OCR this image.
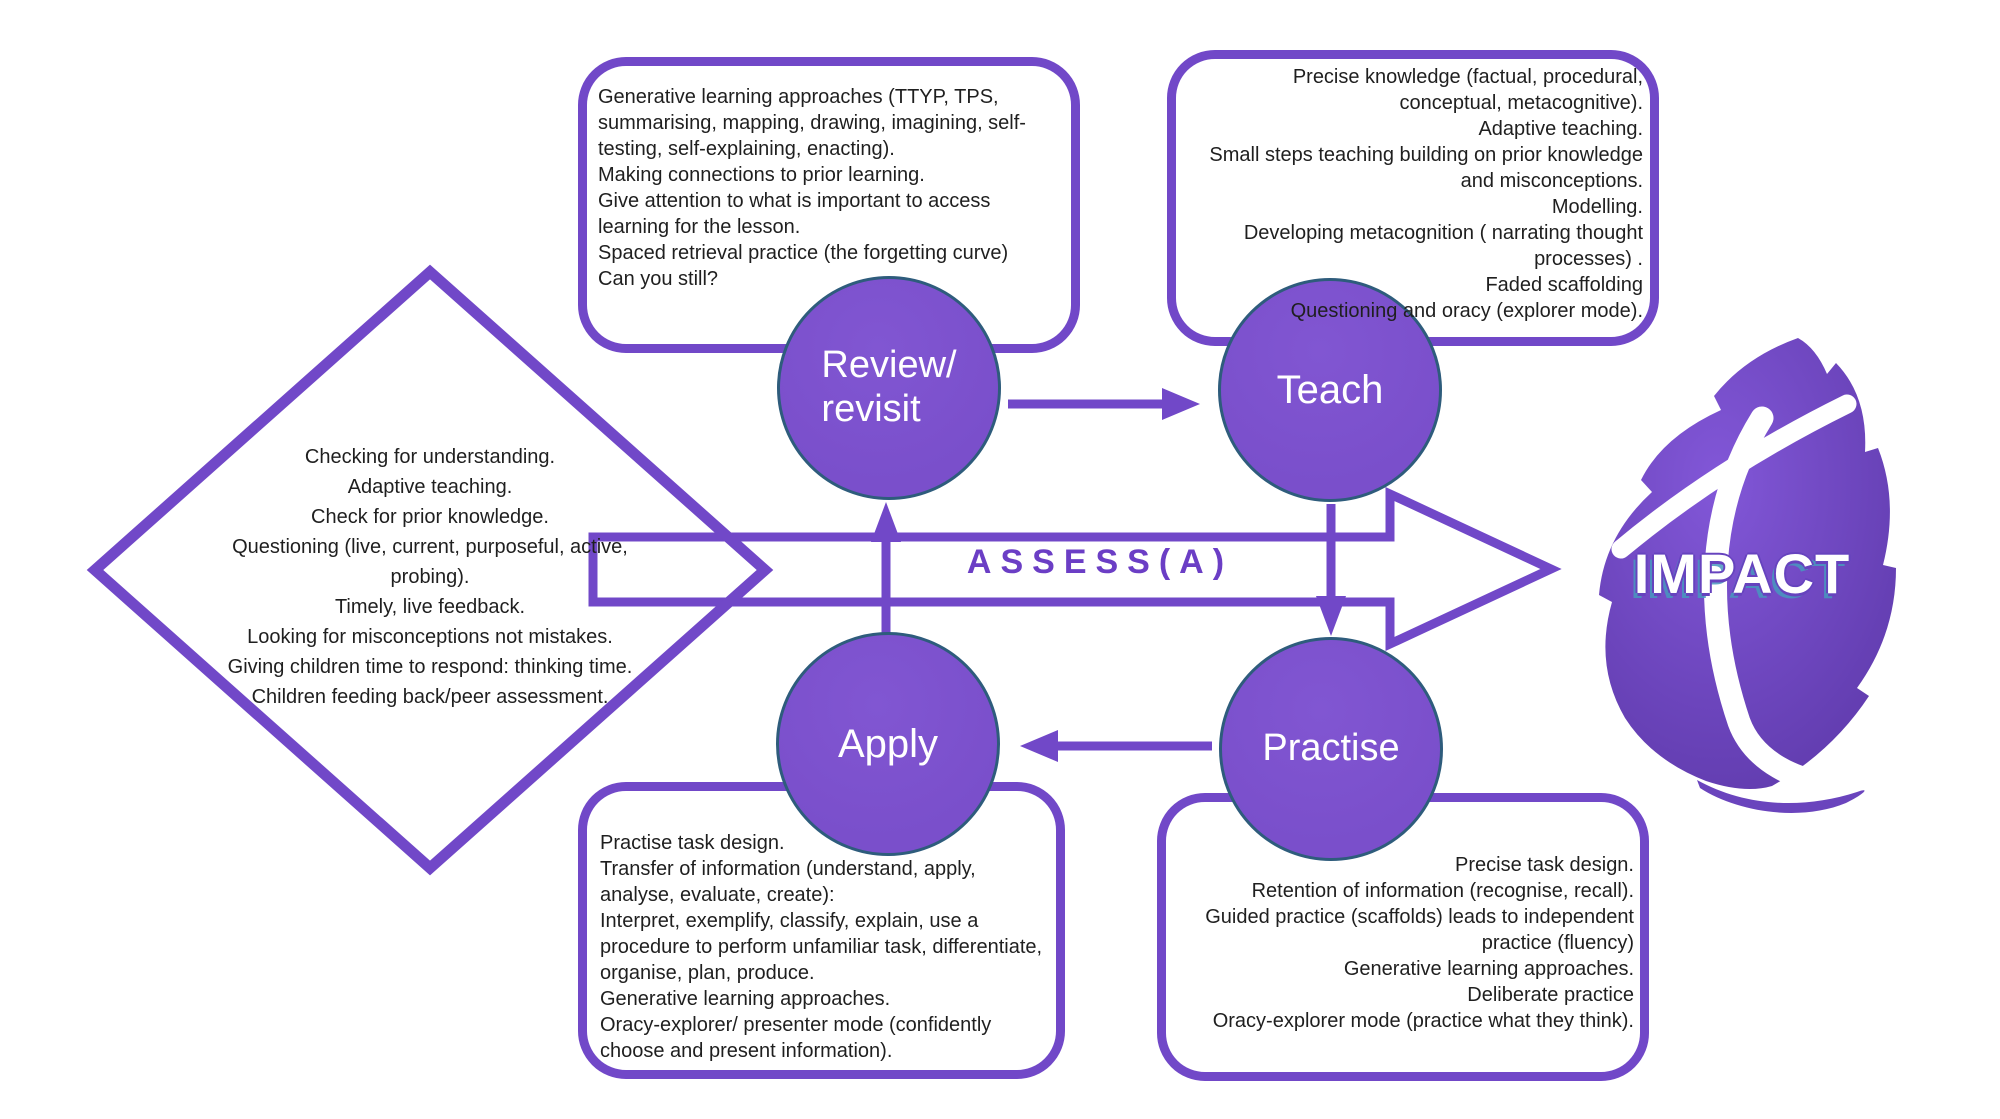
Review/
revisit	Teach
Apply	Practise

Generative learning approaches (TTYP, TPS, summarising, mapping, drawing, imagining, self-testing, self-explaining, enacting).

Making connections to prior learning.

Give attention to what is important to access learning for the lesson.

Spaced retrieval practice (the forgetting curve)

Can you still?

Precise knowledge (factual, procedural, conceptual, metacognitive).

Adaptive teaching.

Small steps teaching building on prior knowledge and misconceptions.

Modelling.

Developing metacognition ( narrating thought processes) .

Faded scaffolding

Questioning and oracy (explorer mode).

Practise task design.

Transfer of information (understand, apply, analyse, evaluate, create):

Interpret, exemplify, classify, explain, use a procedure to perform unfamiliar task, differentiate, organise, plan, produce.

Generative learning approaches.

Oracy-explorer/ presenter mode (confidently choose and present information).

Precise task design.

Retention of information (recognise, recall).

Guided practice (scaffolds) leads to independent practice (fluency)

Generative learning approaches.

Deliberate practice

Oracy-explorer mode (practice what they think).

Checking for understanding.

Adaptive teaching.

Check for prior knowledge.

Questioning (live, current, purposeful, active, probing).

Timely, live feedback.

Looking for misconceptions not mistakes.

Giving children time to respond: thinking time.

Children feeding back/peer assessment.

ASSESS(A)	IMPACT
